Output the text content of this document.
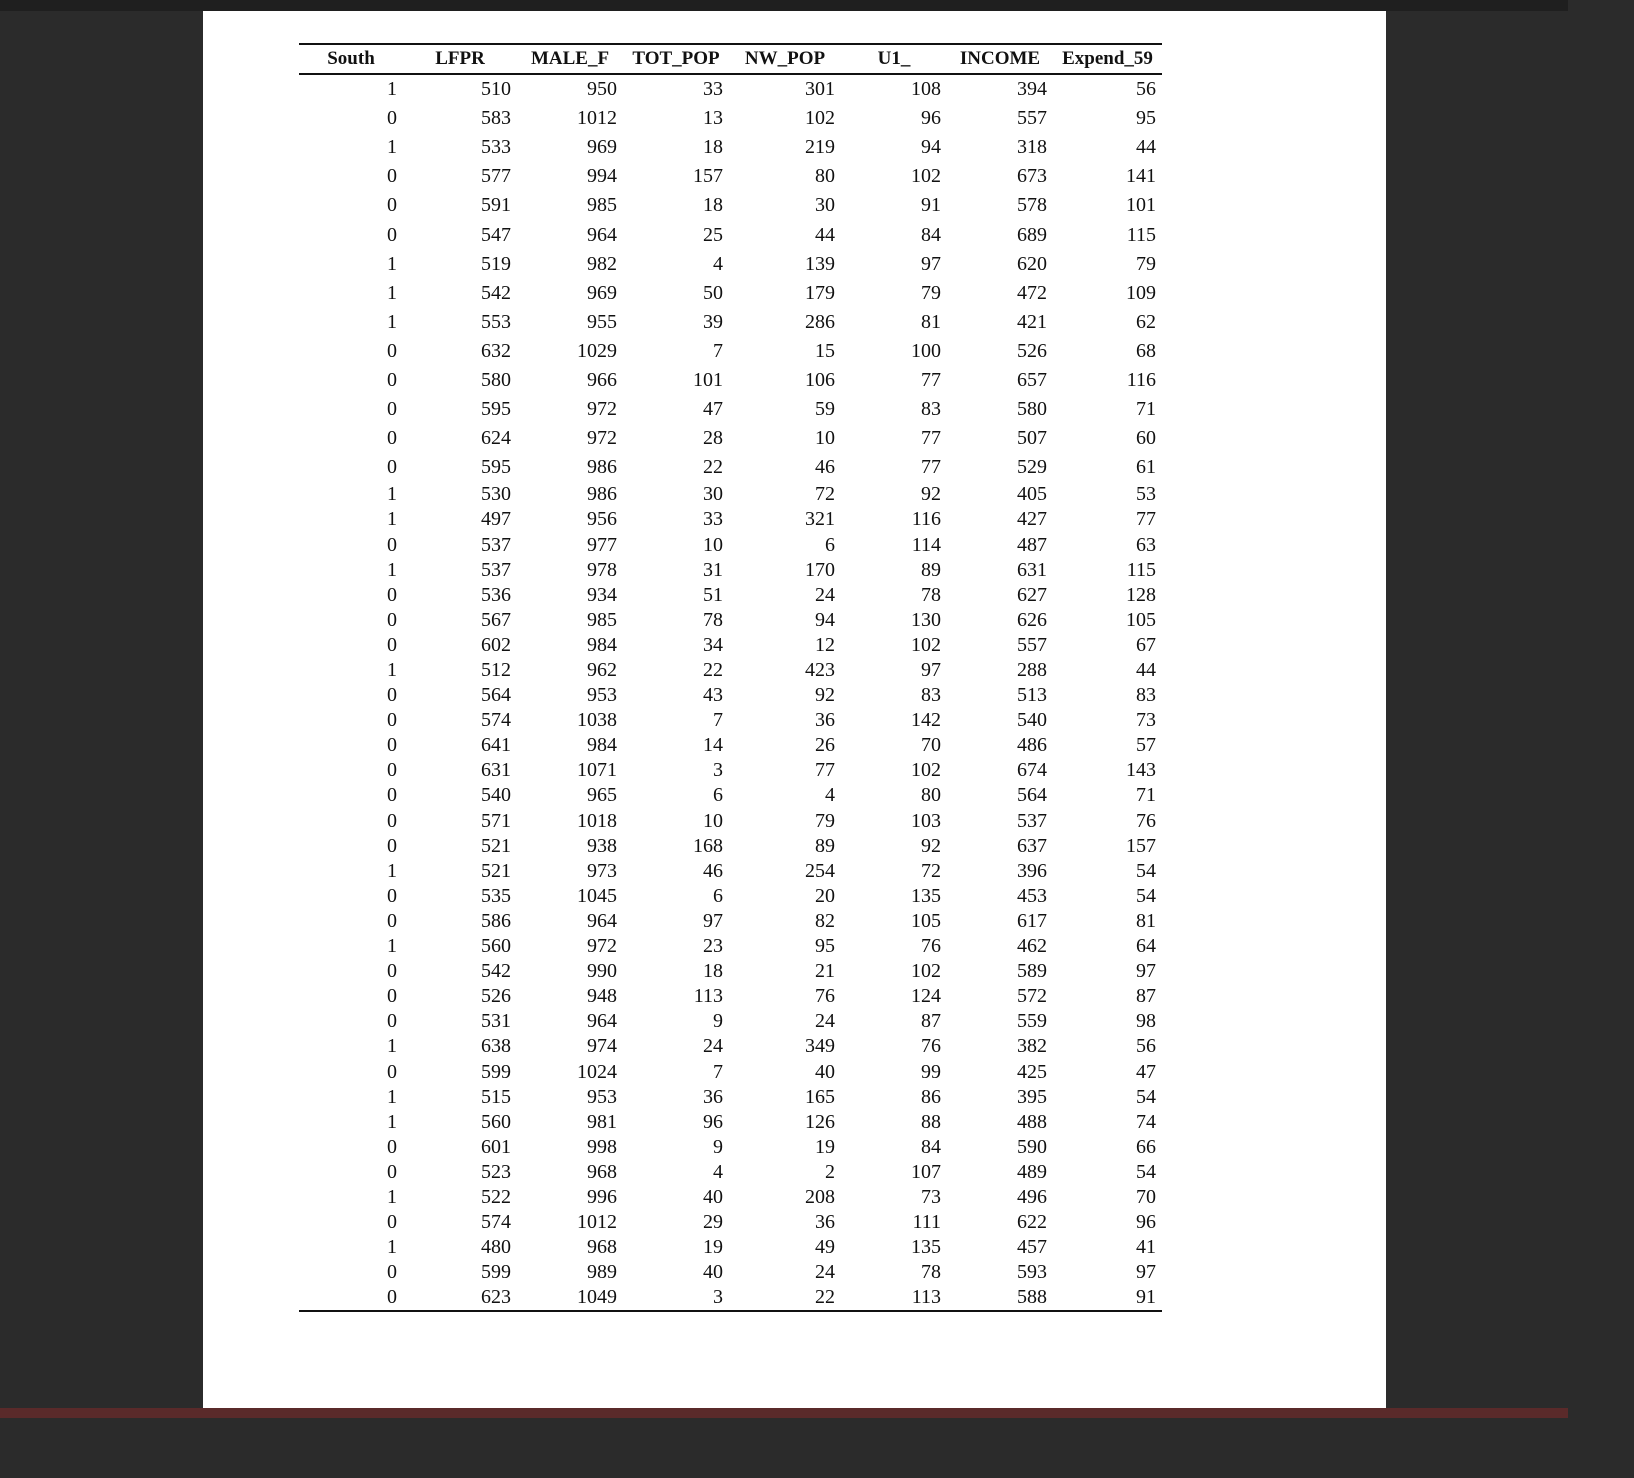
South	LFPR	MALE_F	TOT_POP	NW_POP	U1_	INCOME	Expend_59
1	510	950	33	301	108	394	56
0	583	1012	13	102	96	557	95
1	533	969	18	219	94	318	44
0	577	994	157	80	102	673	141
0	591	985	18	30	91	578	101
0	547	964	25	44	84	689	115
1	519	982	4	139	97	620	79
1	542	969	50	179	79	472	109
1	553	955	39	286	81	421	62
0	632	1029	7	15	100	526	68
0	580	966	101	106	77	657	116
0	595	972	47	59	83	580	71
0	624	972	28	10	77	507	60
0	595	986	22	46	77	529	61
1	530	986	30	72	92	405	53
1	497	956	33	321	116	427	77
0	537	977	10	6	114	487	63
1	537	978	31	170	89	631	115
0	536	934	51	24	78	627	128
0	567	985	78	94	130	626	105
0	602	984	34	12	102	557	67
1	512	962	22	423	97	288	44
0	564	953	43	92	83	513	83
0	574	1038	7	36	142	540	73
0	641	984	14	26	70	486	57
0	631	1071	3	77	102	674	143
0	540	965	6	4	80	564	71
0	571	1018	10	79	103	537	76
0	521	938	168	89	92	637	157
1	521	973	46	254	72	396	54
0	535	1045	6	20	135	453	54
0	586	964	97	82	105	617	81
1	560	972	23	95	76	462	64
0	542	990	18	21	102	589	97
0	526	948	113	76	124	572	87
0	531	964	9	24	87	559	98
1	638	974	24	349	76	382	56
0	599	1024	7	40	99	425	47
1	515	953	36	165	86	395	54
1	560	981	96	126	88	488	74
0	601	998	9	19	84	590	66
0	523	968	4	2	107	489	54
1	522	996	40	208	73	496	70
0	574	1012	29	36	111	622	96
1	480	968	19	49	135	457	41
0	599	989	40	24	78	593	97
0	623	1049	3	22	113	588	91
